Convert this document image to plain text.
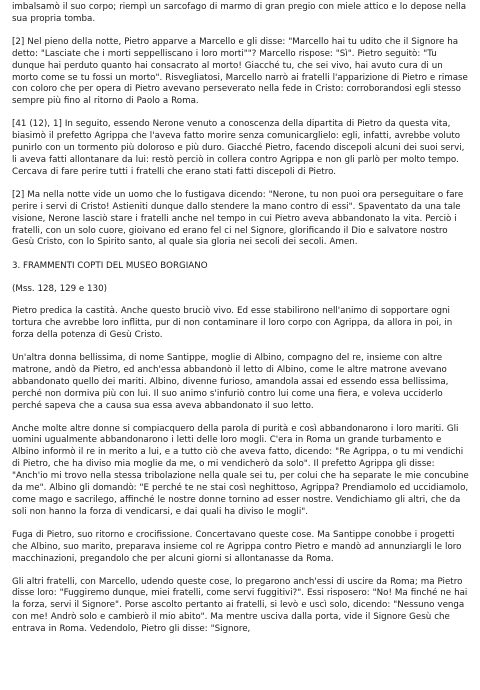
imbalsamò il suo corpo; riempì un sarcofago di marmo di gran pregio con miele attico e lo depose nella sua propria tomba.

[2] Nel pieno della notte, Pietro apparve a Marcello e gli disse: "Marcello hai tu udito che il Signore ha detto: "Lasciate che i morti seppelliscano i loro morti""? Marcello rispose: "Sì". Pietro seguitò: "Tu dunque hai perduto quanto hai consacrato al morto! Giacché tu, che sei vivo, hai avuto cura di un morto come se tu fossi un morto". Risvegliatosi, Marcello narrò ai fratelli l'apparizione di Pietro e rimase con coloro che per opera di Pietro avevano perseverato nella fede in Cristo: corroborandosi egli stesso sempre più fino al ritorno di Paolo a Roma.

[41 (12), 1] In seguito, essendo Nerone venuto a conoscenza della dipartita di Pietro da questa vita, biasimò il prefetto Agrippa che l'aveva fatto morire senza comunicarglielo: egli, infatti, avrebbe voluto punirlo con un tormento più doloroso e più duro. Giacché Pietro, facendo discepoli alcuni dei suoi servi, li aveva fatti allontanare da lui: restò perciò in collera contro Agrippa e non gli parlò per molto tempo. Cercava di fare perire tutti i fratelli che erano stati fatti discepoli di Pietro.

[2] Ma nella notte vide un uomo che lo fustigava dicendo: "Nerone, tu non puoi ora perseguitare o fare perire i servi di Cristo! Astieniti dunque dallo stendere la mano contro di essi". Spaventato da una tale visione, Nerone lasciò stare i fratelli anche nel tempo in cui Pietro aveva abbandonato la vita. Perciò i fratelli, con un solo cuore, gioivano ed erano fel ci nel Signore, glorificando il Dio e salvatore nostro Gesù Cristo, con lo Spirito santo, al quale sia gloria nei secoli dei secoli. Amen.

3. FRAMMENTI COPTI DEL MUSEO BORGIANO
(Mss. 128, 129 e 130)

Pietro predica la castità. Anche questo bruciò vivo. Ed esse stabilirono nell'animo di sopportare ogni tortura che avrebbe loro inflitta, pur di non contaminare il loro corpo con Agrippa, da allora in poi, in forza della potenza di Gesù Cristo.

Un'altra donna bellissima, di nome Santippe, moglie di Albino, compagno del re, insieme con altre matrone, andò da Pietro, ed anch'essa abbandonò il letto di Albino, come le altre matrone avevano abbandonato quello dei mariti. Albino, divenne furioso, amandola assai ed essendo essa bellissima, perché non dormiva più con lui. Il suo animo s'infuriò contro lui come una fiera, e voleva ucciderlo perché sapeva che a causa sua essa aveva abbandonato il suo letto.

Anche molte altre donne si compiacquero della parola di purità e così abbandonarono i loro mariti. Gli uomini ugualmente abbandonarono i letti delle loro mogli. C'era in Roma un grande turbamento e Albino informò il re in merito a lui, e a tutto ciò che aveva fatto, dicendo: "Re Agrippa, o tu mi vendichi di Pietro, che ha diviso mia moglie da me, o mi vendicherò da solo". Il prefetto Agrippa gli disse: "Anch'io mi trovo nella stessa tribolazione nella quale sei tu, per colui che ha separate le mie concubine da me". Albino gli domandò: "E perché te ne stai così neghittoso, Agrippa? Prendiamolo ed uccidiamolo, come mago e sacrilego, affinché le nostre donne tornino ad esser nostre. Vendichiamo gli altri, che da soli non hanno la forza di vendicarsi, e dai quali ha diviso le mogli".

Fuga di Pietro, suo ritorno e crocifissione. Concertavano queste cose. Ma Santippe conobbe i progetti che Albino, suo marito, preparava insieme col re Agrippa contro Pietro e mandò ad annunziargli le loro macchinazioni, pregandolo che per alcuni giorni si allontanasse da Roma.

Gli altri fratelli, con Marcello, udendo queste cose, lo pregarono anch'essi di uscire da Roma; ma Pietro disse loro: "Fuggiremo dunque, miei fratelli, come servi fuggitivi?". Essi risposero: "No! Ma finché ne hai la forza, servi il Signore". Porse ascolto pertanto ai fratelli, si levò e uscì solo, dicendo: "Nessuno venga con me! Andrò solo e cambierò il mio abito". Ma mentre usciva dalla porta, vide il Signore Gesù che entrava in Roma. Vedendolo, Pietro gli disse: "Signore,
